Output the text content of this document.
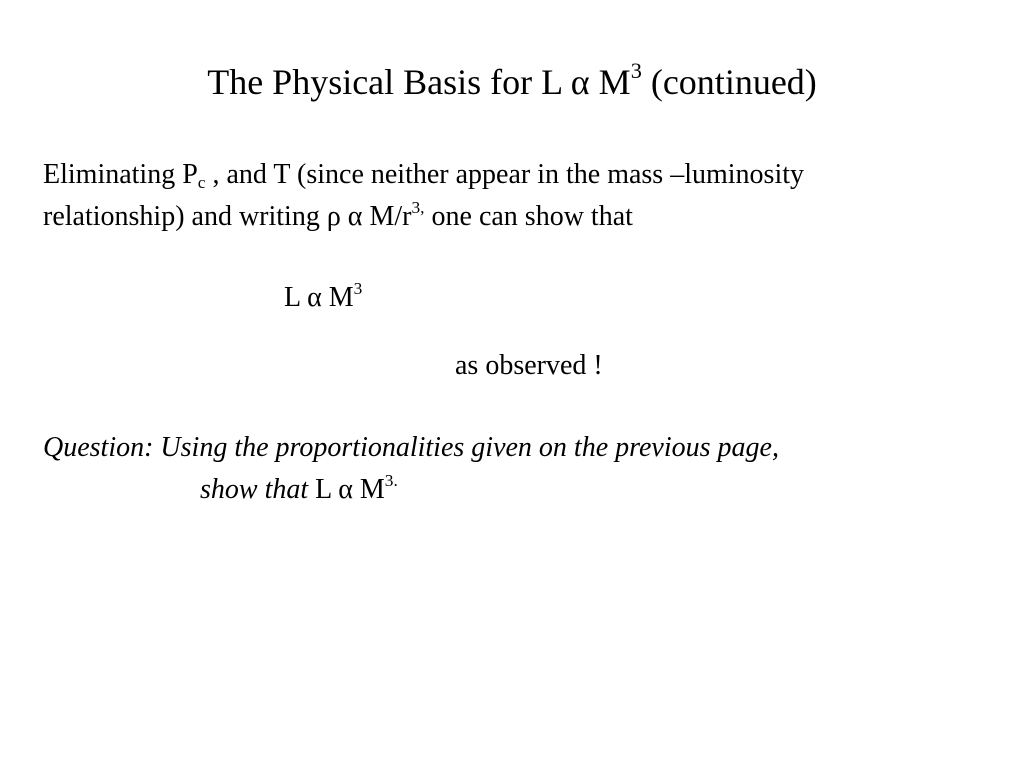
The Physical Basis for L α $M^3$ (continued)
Eliminating $P_c$ , and T (since neither appear in the mass –luminosity
relationship) and writing ρ α $M/r^{3,}$ one can show that
L α $M^3$
as observed !
Question: Using the proportionalities given on the previous page,
show that L α $M^{3.}$
